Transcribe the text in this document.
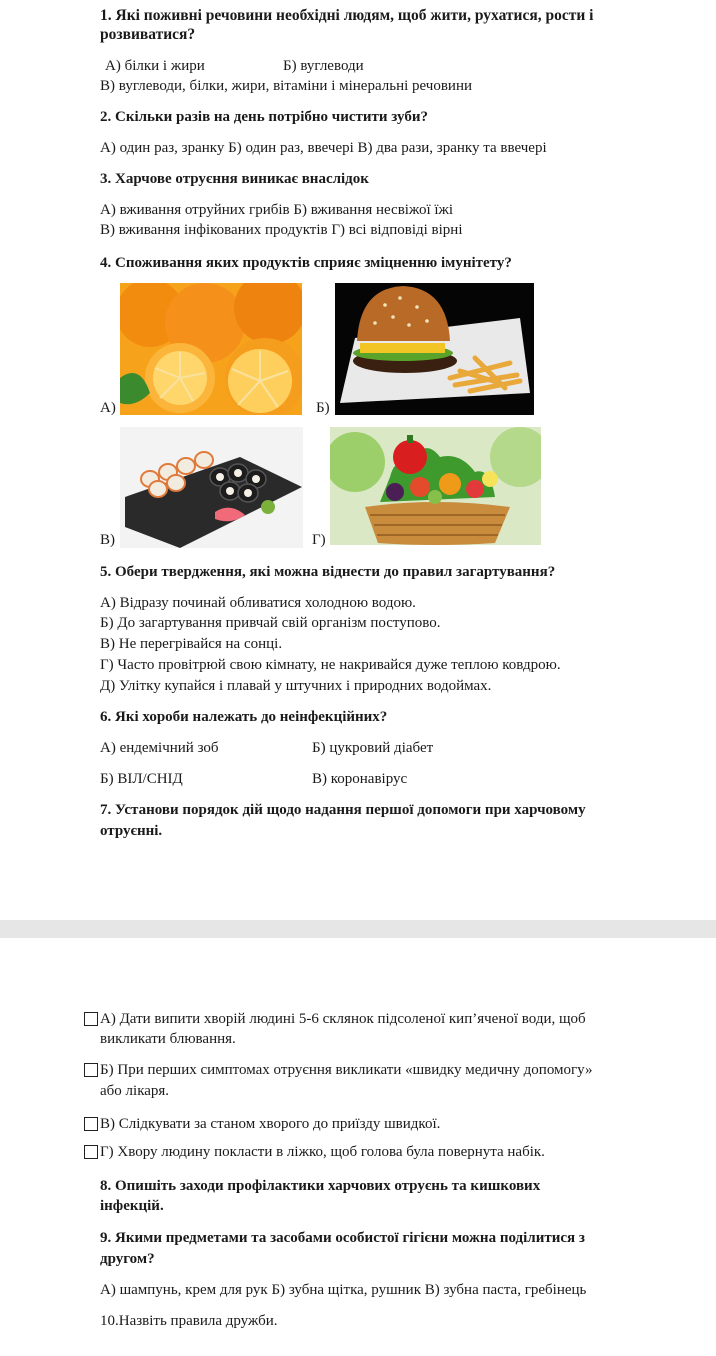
1. Які поживні речовини необхідні людям, щоб жити, рухатися, рости і
розвиватися?
А) білки і жири	Б) вуглеводи
В) вуглеводи, білки, жири, вітаміни і мінеральні речовини
2. Скільки разів на день потрібно чистити зуби?
А) один раз, зранку Б) один раз, ввечері В) два рази, зранку та ввечері
3. Харчове отруєння виникає внаслідок
А) вживання отруйних грибів Б) вживання несвіжої їжі
В) вживання інфікованих продуктів Г) всі відповіді вірні
4. Споживання яких продуктів сприяє зміцненню імунітету?
А)	Б)
В)	Г)
5. Обери твердження, які можна віднести до правил загартування?
А) Відразу починай обливатися холодною водою.
Б) До загартування привчай свій організм поступово.
В) Не перегрівайся на сонці.
Г) Часто провітрюй свою кімнату, не накривайся дуже теплою ковдрою.
Д) Улітку купайся і плавай у штучних і природних водоймах.
6. Які хороби належать до неінфекційних?
А) ендемічний зоб	Б) цукровий діабет
Б) ВІЛ/СНІД	В) коронавірус
7. Установи порядок дій щодо надання першої допомоги при харчовому
отруєнні.
А) Дати випити хворій людині 5-6 склянок підсоленої кип’яченої води, щоб
викликати блювання.
Б) При перших симптомах отруєння викликати «швидку медичну допомогу»
або лікаря.
В) Слідкувати за станом хворого до приїзду швидкої.
Г) Хвору людину покласти в ліжко, щоб голова була повернута набік.
8. Опишіть заходи профілактики харчових отруєнь та кишкових
інфекцій.
9. Якими предметами та засобами особистої гігієни можна поділитися з
другом?
А) шампунь, крем для рук Б) зубна щітка, рушник В) зубна паста, гребінець
10.Назвіть правила дружби.
